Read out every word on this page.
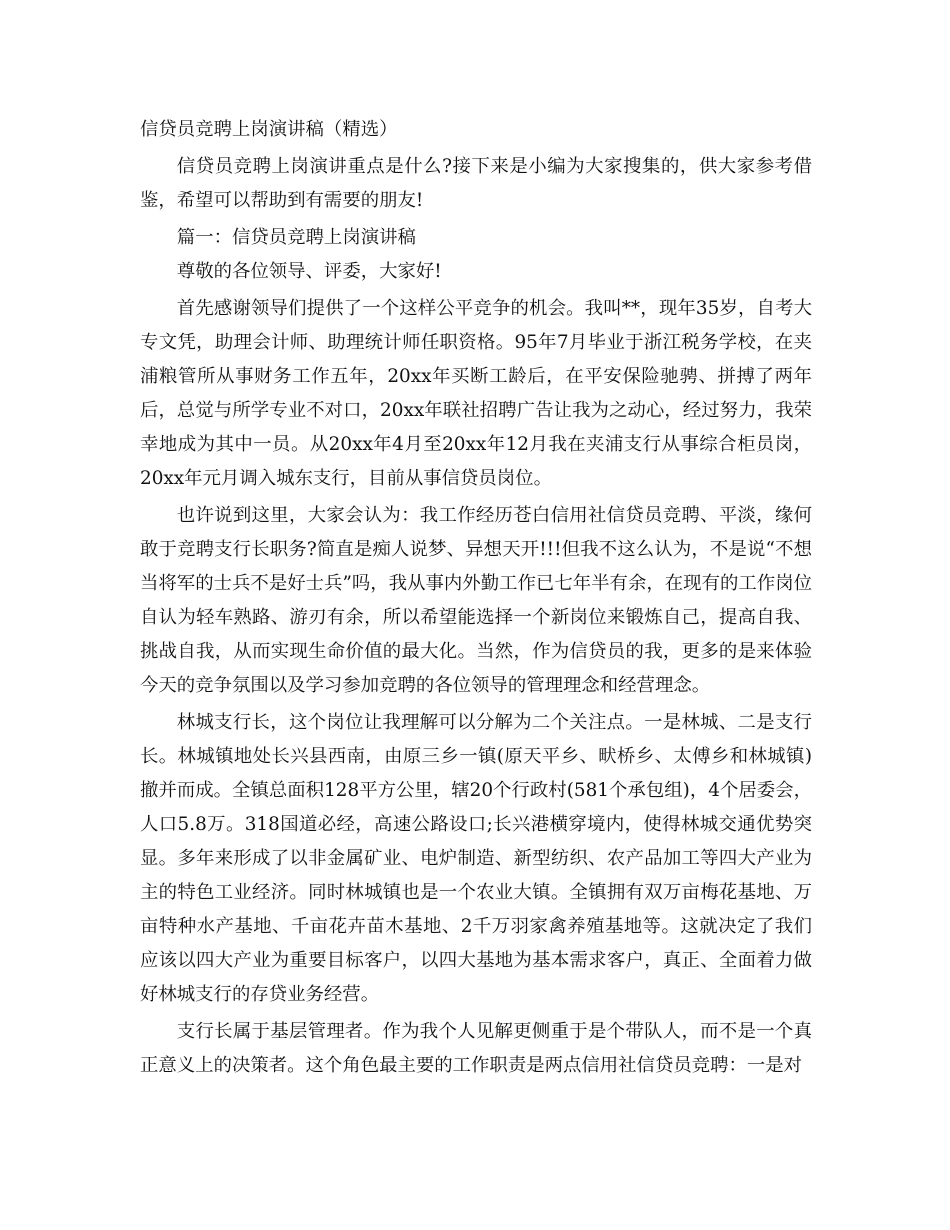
信贷员竞聘上岗演讲稿（精选）

信贷员竞聘上岗演讲重点是什么?接下来是小编为大家搜集的，供大家参考借鉴，希望可以帮助到有需要的朋友!

篇一：信贷员竞聘上岗演讲稿

尊敬的各位领导、评委，大家好!

首先感谢领导们提供了一个这样公平竞争的机会。我叫**，现年35岁，自考大专文凭，助理会计师、助理统计师任职资格。95年7月毕业于浙江税务学校，在夹浦粮管所从事财务工作五年，20xx年买断工龄后，在平安保险驰骋、拼搏了两年后，总觉与所学专业不对口，20xx年联社招聘广告让我为之动心，经过努力，我荣幸地成为其中一员。从20xx年4月至20xx年12月我在夹浦支行从事综合柜员岗，20xx年元月调入城东支行，目前从事信贷员岗位。

也许说到这里，大家会认为：我工作经历苍白信用社信贷员竞聘、平淡，缘何敢于竞聘支行长职务?简直是痴人说梦、异想天开!!!但我不这么认为，不是说“不想当将军的士兵不是好士兵”吗，我从事内外勤工作已七年半有余，在现有的工作岗位自认为轻车熟路、游刃有余，所以希望能选择一个新岗位来锻炼自己，提高自我、挑战自我，从而实现生命价值的最大化。当然，作为信贷员的我，更多的是来体验今天的竞争氛围以及学习参加竞聘的各位领导的管理理念和经营理念。

林城支行长，这个岗位让我理解可以分解为二个关注点。一是林城、二是支行长。林城镇地处长兴县西南，由原三乡一镇(原天平乡、畎桥乡、太傅乡和林城镇)撤并而成。全镇总面积128平方公里，辖20个行政村(581个承包组)，4个居委会，人口5.8万。318国道必经，高速公路设口;长兴港横穿境内，使得林城交通优势突显。多年来形成了以非金属矿业、电炉制造、新型纺织、农产品加工等四大产业为主的特色工业经济。同时林城镇也是一个农业大镇。全镇拥有双万亩梅花基地、万亩特种水产基地、千亩花卉苗木基地、2千万羽家禽养殖基地等。这就决定了我们应该以四大产业为重要目标客户，以四大基地为基本需求客户，真正、全面着力做好林城支行的存贷业务经营。

支行长属于基层管理者。作为我个人见解更侧重于是个带队人，而不是一个真正意义上的决策者。这个角色最主要的工作职责是两点信用社信贷员竞聘：一是对
